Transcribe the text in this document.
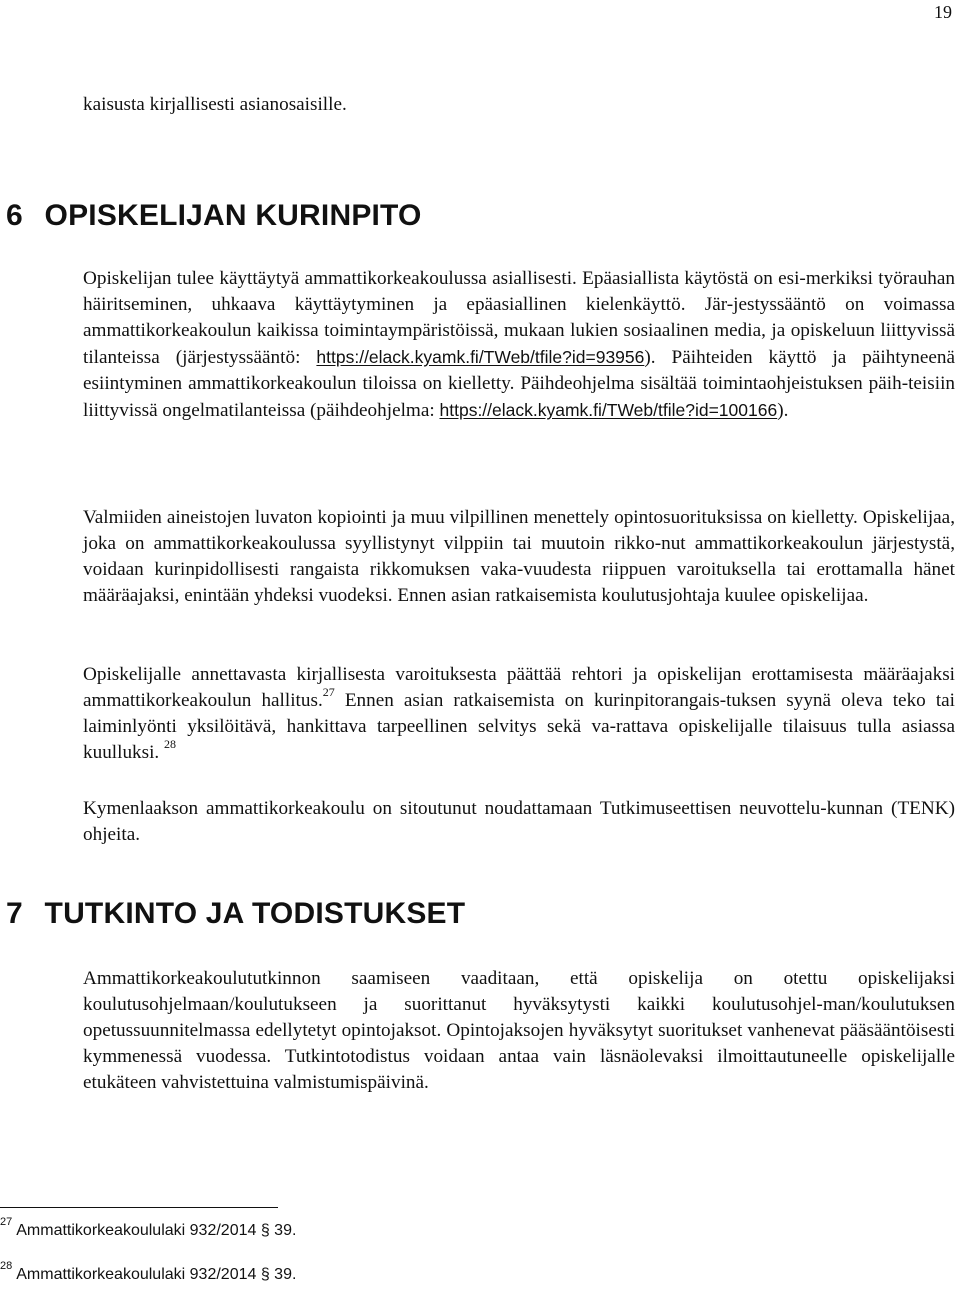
19
kaisusta kirjallisesti asianosaisille.
6 OPISKELIJAN KURINPITO
Opiskelijan tulee käyttäytyä ammattikorkeakoulussa asiallisesti. Epäasiallista käytöstä on esi-merkiksi työrauhan häiritseminen, uhkaava käyttäytyminen ja epäasiallinen kielenkäyttö. Jär-jestyssääntö on voimassa ammattikorkeakoulun kaikissa toimintaympäristöissä, mukaan lukien sosiaalinen media, ja opiskeluun liittyvissä tilanteissa (järjestyssääntö: https://elack.kyamk.fi/TWeb/tfile?id=93956). Päihteiden käyttö ja päihtyneenä esiintyminen ammattikorkeakoulun tiloissa on kielletty. Päihdeohjelma sisältää toimintaohjeistuksen päih-teisiin liittyvissä ongelmatilanteissa (päihdeohjelma: https://elack.kyamk.fi/TWeb/tfile?id=100166).
Valmiiden aineistojen luvaton kopiointi ja muu vilpillinen menettely opintosuorituksissa on kielletty. Opiskelijaa, joka on ammattikorkeakoulussa syyllistynyt vilppiin tai muutoin rikko-nut ammattikorkeakoulun järjestystä, voidaan kurinpidollisesti rangaista rikkomuksen vaka-vuudesta riippuen varoituksella tai erottamalla hänet määräajaksi, enintään yhdeksi vuodeksi. Ennen asian ratkaisemista koulutusjohtaja kuulee opiskelijaa.
Opiskelijalle annettavasta kirjallisesta varoituksesta päättää rehtori ja opiskelijan erottamisesta määräajaksi ammattikorkeakoulun hallitus.$^{27}$ Ennen asian ratkaisemista on kurinpitorangais-tuksen syynä oleva teko tai laiminlyönti yksilöitävä, hankittava tarpeellinen selvitys sekä va-rattava opiskelijalle tilaisuus tulla asiassa kuulluksi. $^{28}$
Kymenlaakson ammattikorkeakoulu on sitoutunut noudattamaan Tutkimuseettisen neuvottelu-kunnan (TENK) ohjeita.
7 TUTKINTO JA TODISTUKSET
Ammattikorkeakoulututkinnon saamiseen vaaditaan, että opiskelija on otettu opiskelijaksi koulutusohjelmaan/koulutukseen ja suorittanut hyväksytysti kaikki koulutusohjel-man/koulutuksen opetussuunnitelmassa edellytetyt opintojaksot. Opintojaksojen hyväksytyt suoritukset vanhenevat pääsääntöisesti kymmenessä vuodessa. Tutkintotodistus voidaan antaa vain läsnäolevaksi ilmoittautuneelle opiskelijalle etukäteen vahvistettuina valmistumispäivinä.
$^{27}$Ammattikorkeakoululaki 932/2014 § 39.
$^{28}$Ammattikorkeakoululaki 932/2014 § 39.
